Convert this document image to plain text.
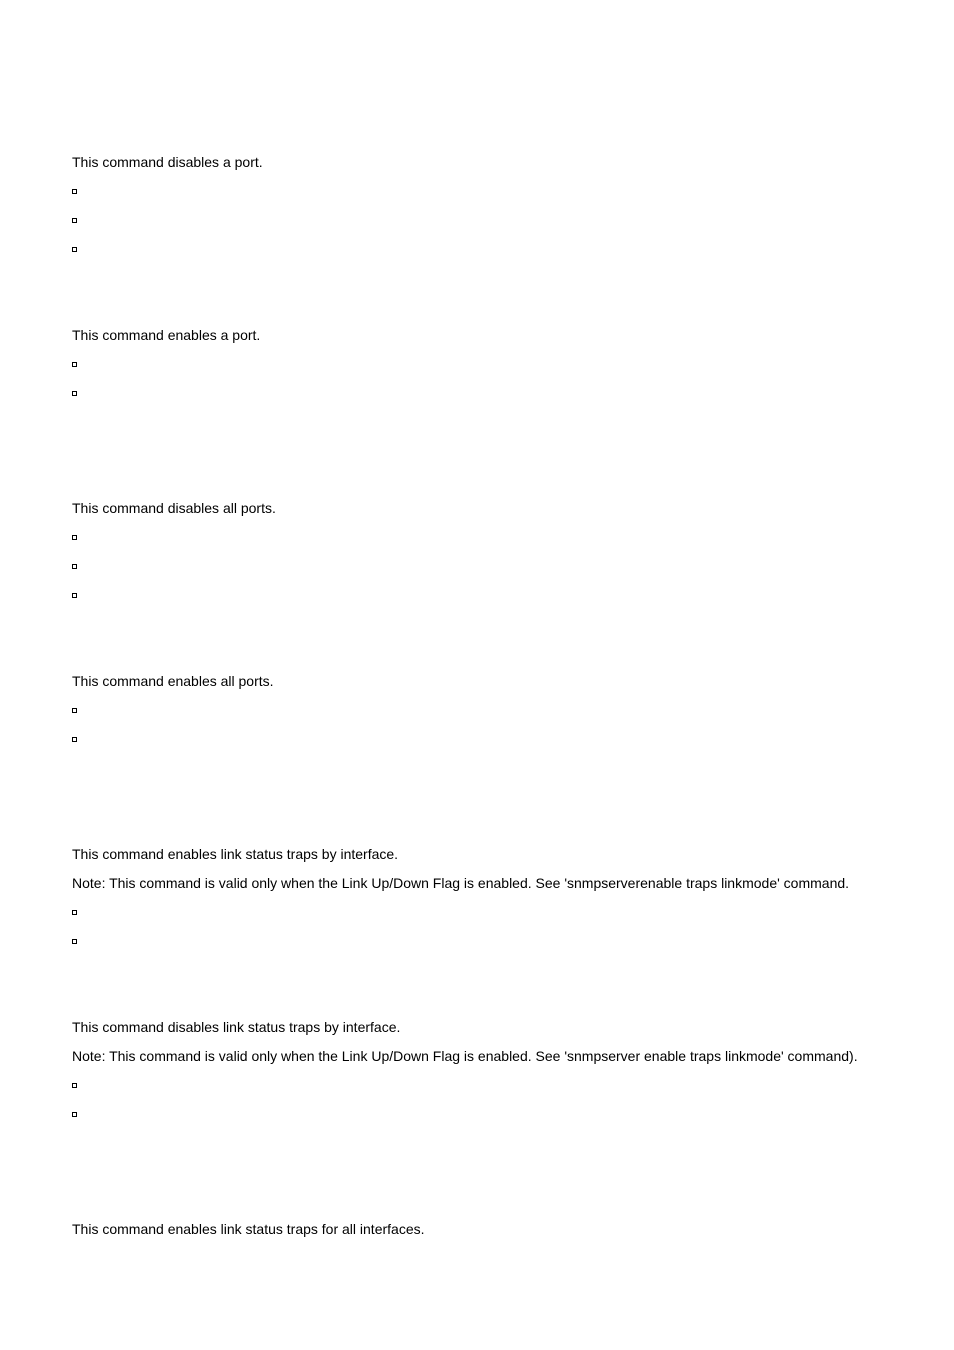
This command disables a port.
This command enables a port.
This command disables all ports.
This command enables all ports.
This command enables link status traps by interface.
Note: This command is valid only when the Link Up/Down Flag is enabled. See 'snmpserverenable traps linkmode' command.
This command disables link status traps by interface.
Note: This command is valid only when the Link Up/Down Flag is enabled. See 'snmpserver enable traps linkmode' command).
This command enables link status traps for all interfaces.
